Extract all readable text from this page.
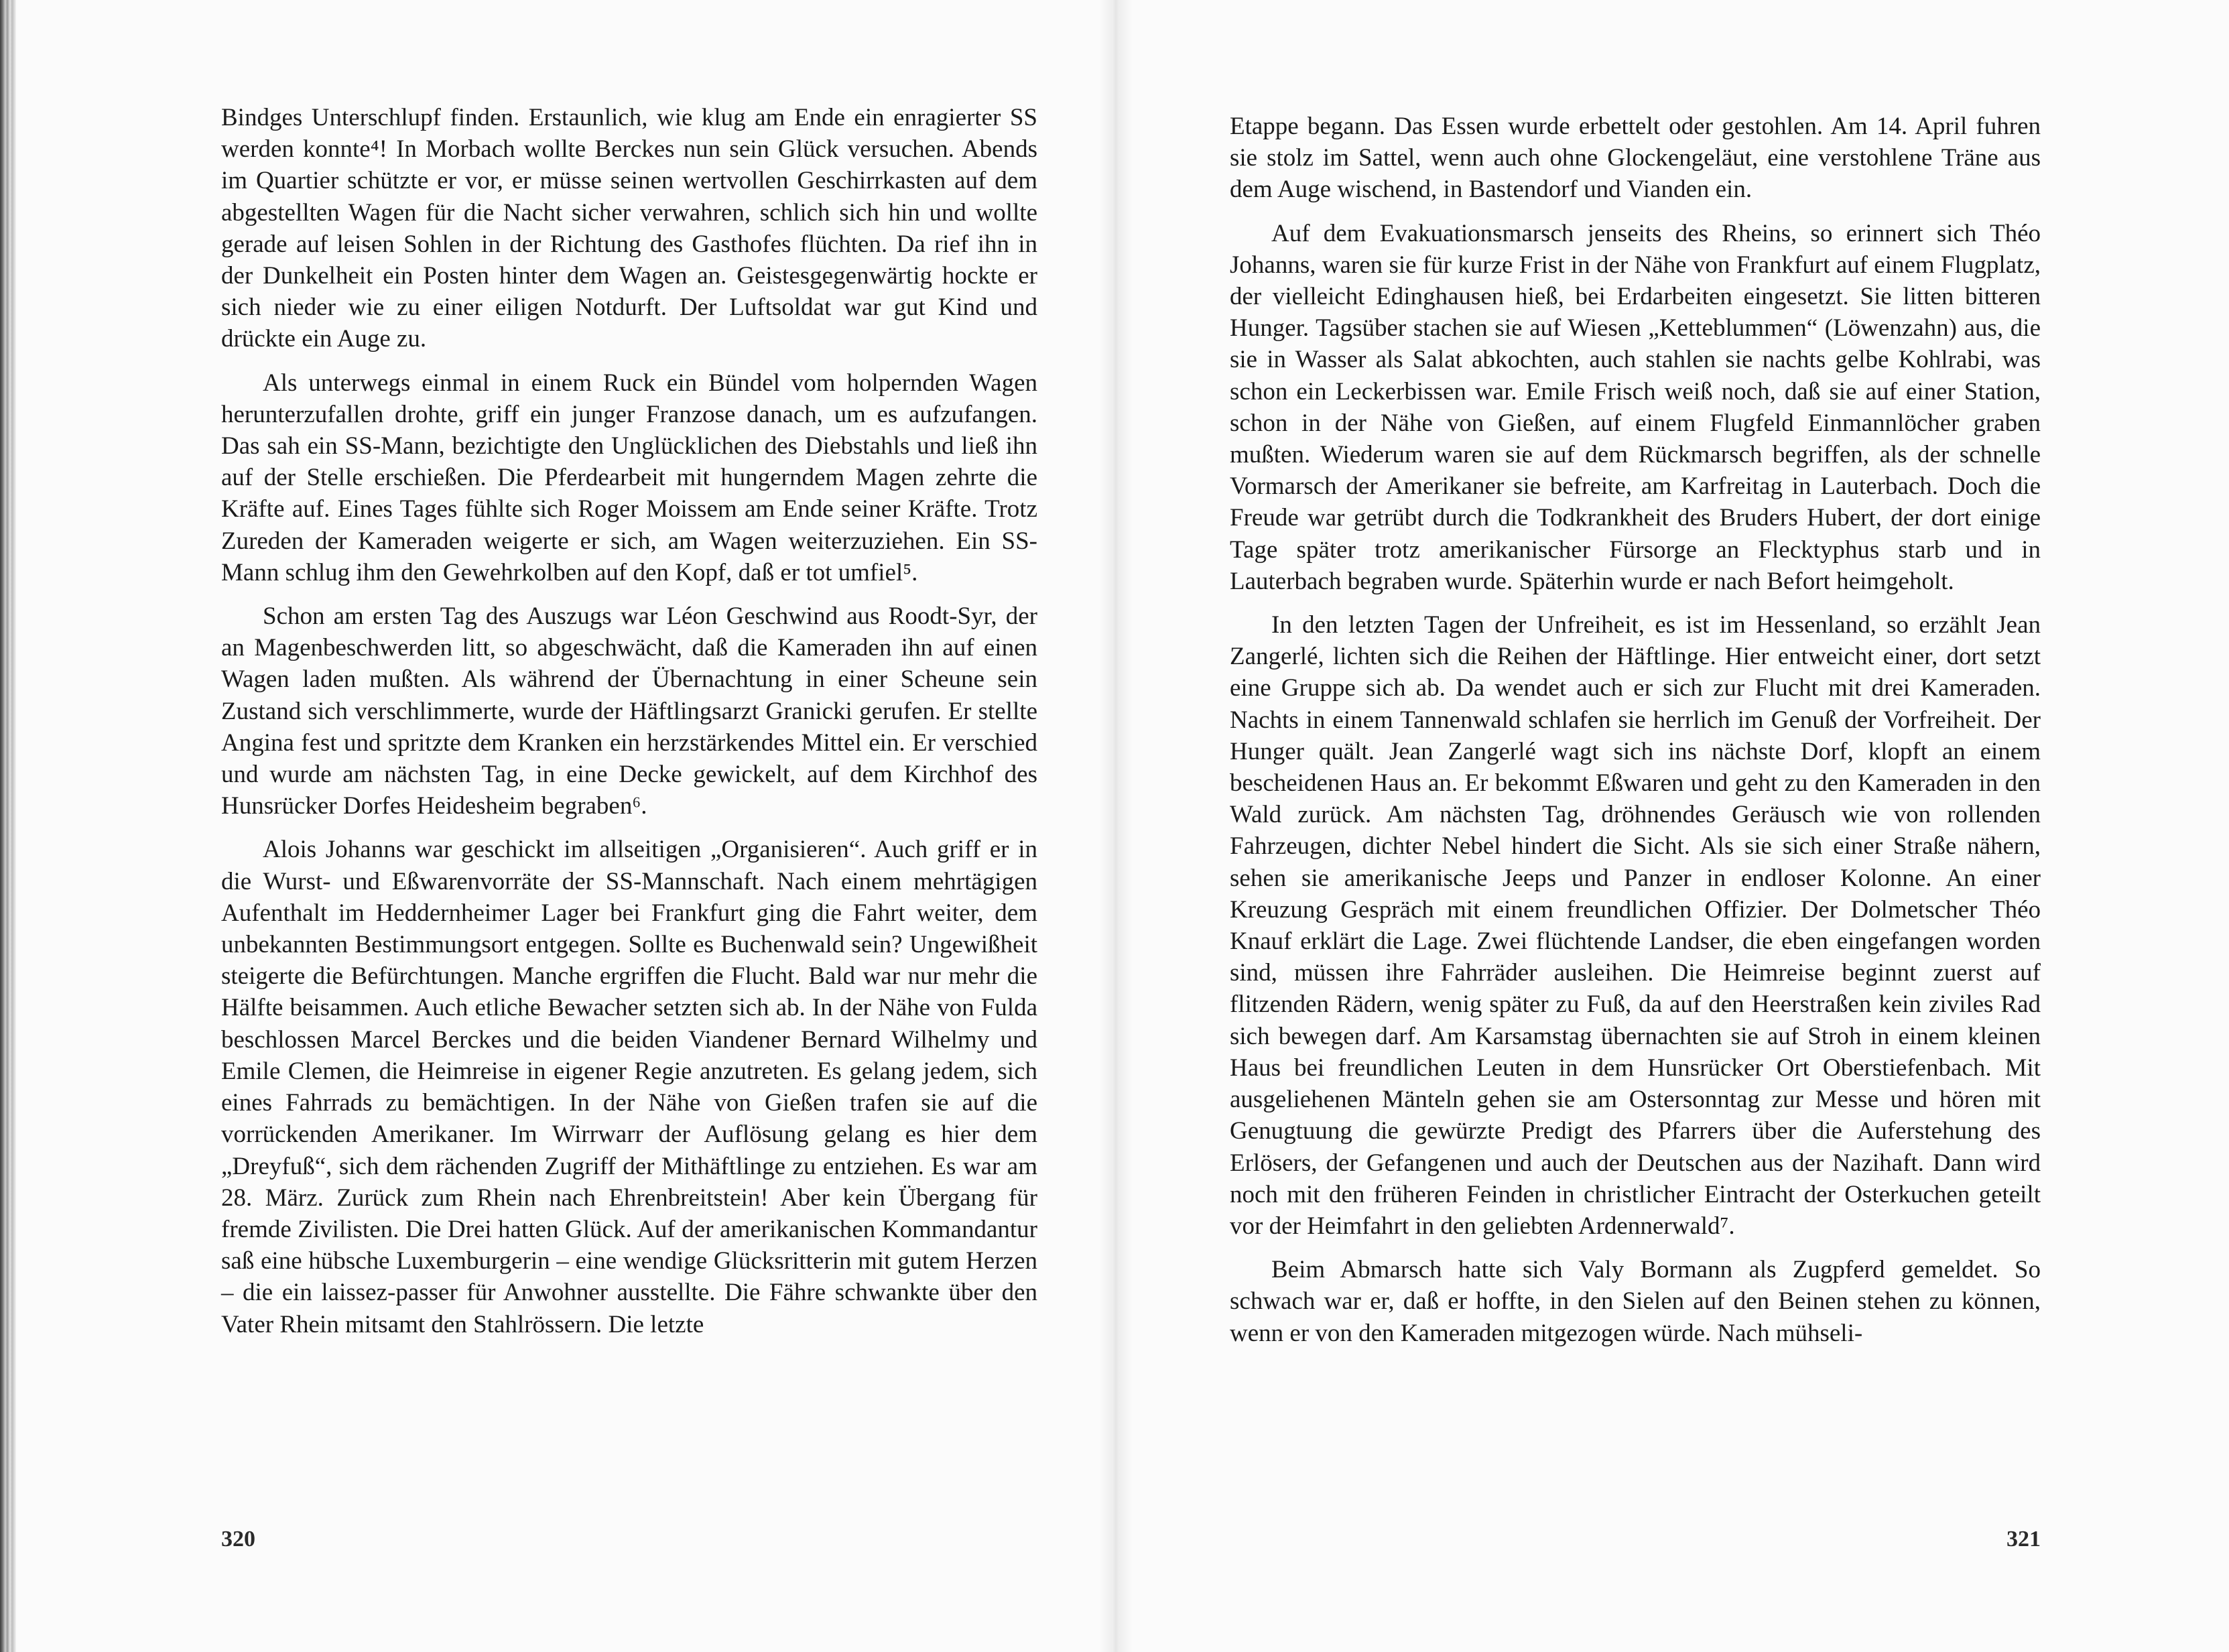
Bindges Unterschlupf finden. Erstaunlich, wie klug am Ende ein enragierter SS werden konnte⁴! In Morbach wollte Berckes nun sein Glück versuchen. Abends im Quartier schützte er vor, er müsse seinen wertvollen Geschirrkasten auf dem abgestellten Wagen für die Nacht sicher verwahren, schlich sich hin und wollte gerade auf leisen Sohlen in der Richtung des Gasthofes flüchten. Da rief ihn in der Dunkelheit ein Posten hinter dem Wagen an. Geistesgegenwärtig hockte er sich nieder wie zu einer eiligen Notdurft. Der Luftsoldat war gut Kind und drückte ein Auge zu.

Als unterwegs einmal in einem Ruck ein Bündel vom holpernden Wagen herunterzufallen drohte, griff ein junger Franzose danach, um es aufzufangen. Das sah ein SS-Mann, bezichtigte den Unglücklichen des Diebstahls und ließ ihn auf der Stelle erschießen. Die Pferdearbeit mit hungerndem Magen zehrte die Kräfte auf. Eines Tages fühlte sich Roger Moissem am Ende seiner Kräfte. Trotz Zureden der Kameraden weigerte er sich, am Wagen weiterzuziehen. Ein SS-Mann schlug ihm den Gewehrkolben auf den Kopf, daß er tot umfiel⁵.

Schon am ersten Tag des Auszugs war Léon Geschwind aus Roodt-Syr, der an Magenbeschwerden litt, so abgeschwächt, daß die Kameraden ihn auf einen Wagen laden mußten. Als während der Übernachtung in einer Scheune sein Zustand sich verschlimmerte, wurde der Häftlingsarzt Granicki gerufen. Er stellte Angina fest und spritzte dem Kranken ein herzstärkendes Mittel ein. Er verschied und wurde am nächsten Tag, in eine Decke gewickelt, auf dem Kirchhof des Hunsrücker Dorfes Heidesheim begraben⁶.

Alois Johanns war geschickt im allseitigen „Organisieren“. Auch griff er in die Wurst- und Eßwarenvorräte der SS-Mannschaft. Nach einem mehrtägigen Aufenthalt im Heddernheimer Lager bei Frankfurt ging die Fahrt weiter, dem unbekannten Bestimmungsort entgegen. Sollte es Buchenwald sein? Ungewißheit steigerte die Befürchtungen. Manche ergriffen die Flucht. Bald war nur mehr die Hälfte beisammen. Auch etliche Bewacher setzten sich ab. In der Nähe von Fulda beschlossen Marcel Berckes und die beiden Viandener Bernard Wilhelmy und Emile Clemen, die Heimreise in eigener Regie anzutreten. Es gelang jedem, sich eines Fahrrads zu bemächtigen. In der Nähe von Gießen trafen sie auf die vorrückenden Amerikaner. Im Wirrwarr der Auflösung gelang es hier dem „Dreyfuß“, sich dem rächenden Zugriff der Mithäftlinge zu entziehen. Es war am 28. März. Zurück zum Rhein nach Ehrenbreitstein! Aber kein Übergang für fremde Zivilisten. Die Drei hatten Glück. Auf der amerikanischen Kommandantur saß eine hübsche Luxemburgerin – eine wendige Glücksritterin mit gutem Herzen – die ein laissez-passer für Anwohner ausstellte. Die Fähre schwankte über den Vater Rhein mitsamt den Stahlrössern. Die letzte

320

Etappe begann. Das Essen wurde erbettelt oder gestohlen. Am 14. April fuhren sie stolz im Sattel, wenn auch ohne Glockengeläut, eine verstohlene Träne aus dem Auge wischend, in Bastendorf und Vianden ein.

Auf dem Evakuationsmarsch jenseits des Rheins, so erinnert sich Théo Johanns, waren sie für kurze Frist in der Nähe von Frankfurt auf einem Flugplatz, der vielleicht Edinghausen hieß, bei Erdarbeiten eingesetzt. Sie litten bitteren Hunger. Tagsüber stachen sie auf Wiesen „Ketteblummen“ (Löwenzahn) aus, die sie in Wasser als Salat abkochten, auch stahlen sie nachts gelbe Kohlrabi, was schon ein Leckerbissen war. Emile Frisch weiß noch, daß sie auf einer Station, schon in der Nähe von Gießen, auf einem Flugfeld Einmannlöcher graben mußten. Wiederum waren sie auf dem Rückmarsch begriffen, als der schnelle Vormarsch der Amerikaner sie befreite, am Karfreitag in Lauterbach. Doch die Freude war getrübt durch die Todkrankheit des Bruders Hubert, der dort einige Tage später trotz amerikanischer Fürsorge an Flecktyphus starb und in Lauterbach begraben wurde. Späterhin wurde er nach Befort heimgeholt.

In den letzten Tagen der Unfreiheit, es ist im Hessenland, so erzählt Jean Zangerlé, lichten sich die Reihen der Häftlinge. Hier entweicht einer, dort setzt eine Gruppe sich ab. Da wendet auch er sich zur Flucht mit drei Kameraden. Nachts in einem Tannenwald schlafen sie herrlich im Genuß der Vorfreiheit. Der Hunger quält. Jean Zangerlé wagt sich ins nächste Dorf, klopft an einem bescheidenen Haus an. Er bekommt Eßwaren und geht zu den Kameraden in den Wald zurück. Am nächsten Tag, dröhnendes Geräusch wie von rollenden Fahrzeugen, dichter Nebel hindert die Sicht. Als sie sich einer Straße nähern, sehen sie amerikanische Jeeps und Panzer in endloser Kolonne. An einer Kreuzung Gespräch mit einem freundlichen Offizier. Der Dolmetscher Théo Knauf erklärt die Lage. Zwei flüchtende Landser, die eben eingefangen worden sind, müssen ihre Fahrräder ausleihen. Die Heimreise beginnt zuerst auf flitzenden Rädern, wenig später zu Fuß, da auf den Heerstraßen kein ziviles Rad sich bewegen darf. Am Karsamstag übernachten sie auf Stroh in einem kleinen Haus bei freundlichen Leuten in dem Hunsrücker Ort Oberstiefenbach. Mit ausgeliehenen Mänteln gehen sie am Ostersonntag zur Messe und hören mit Genugtuung die gewürzte Predigt des Pfarrers über die Auferstehung des Erlösers, der Gefangenen und auch der Deutschen aus der Nazihaft. Dann wird noch mit den früheren Feinden in christlicher Eintracht der Osterkuchen geteilt vor der Heimfahrt in den geliebten Ardennerwald⁷.

Beim Abmarsch hatte sich Valy Bormann als Zugpferd gemeldet. So schwach war er, daß er hoffte, in den Sielen auf den Beinen stehen zu können, wenn er von den Kameraden mitgezogen würde. Nach mühseli-

321
